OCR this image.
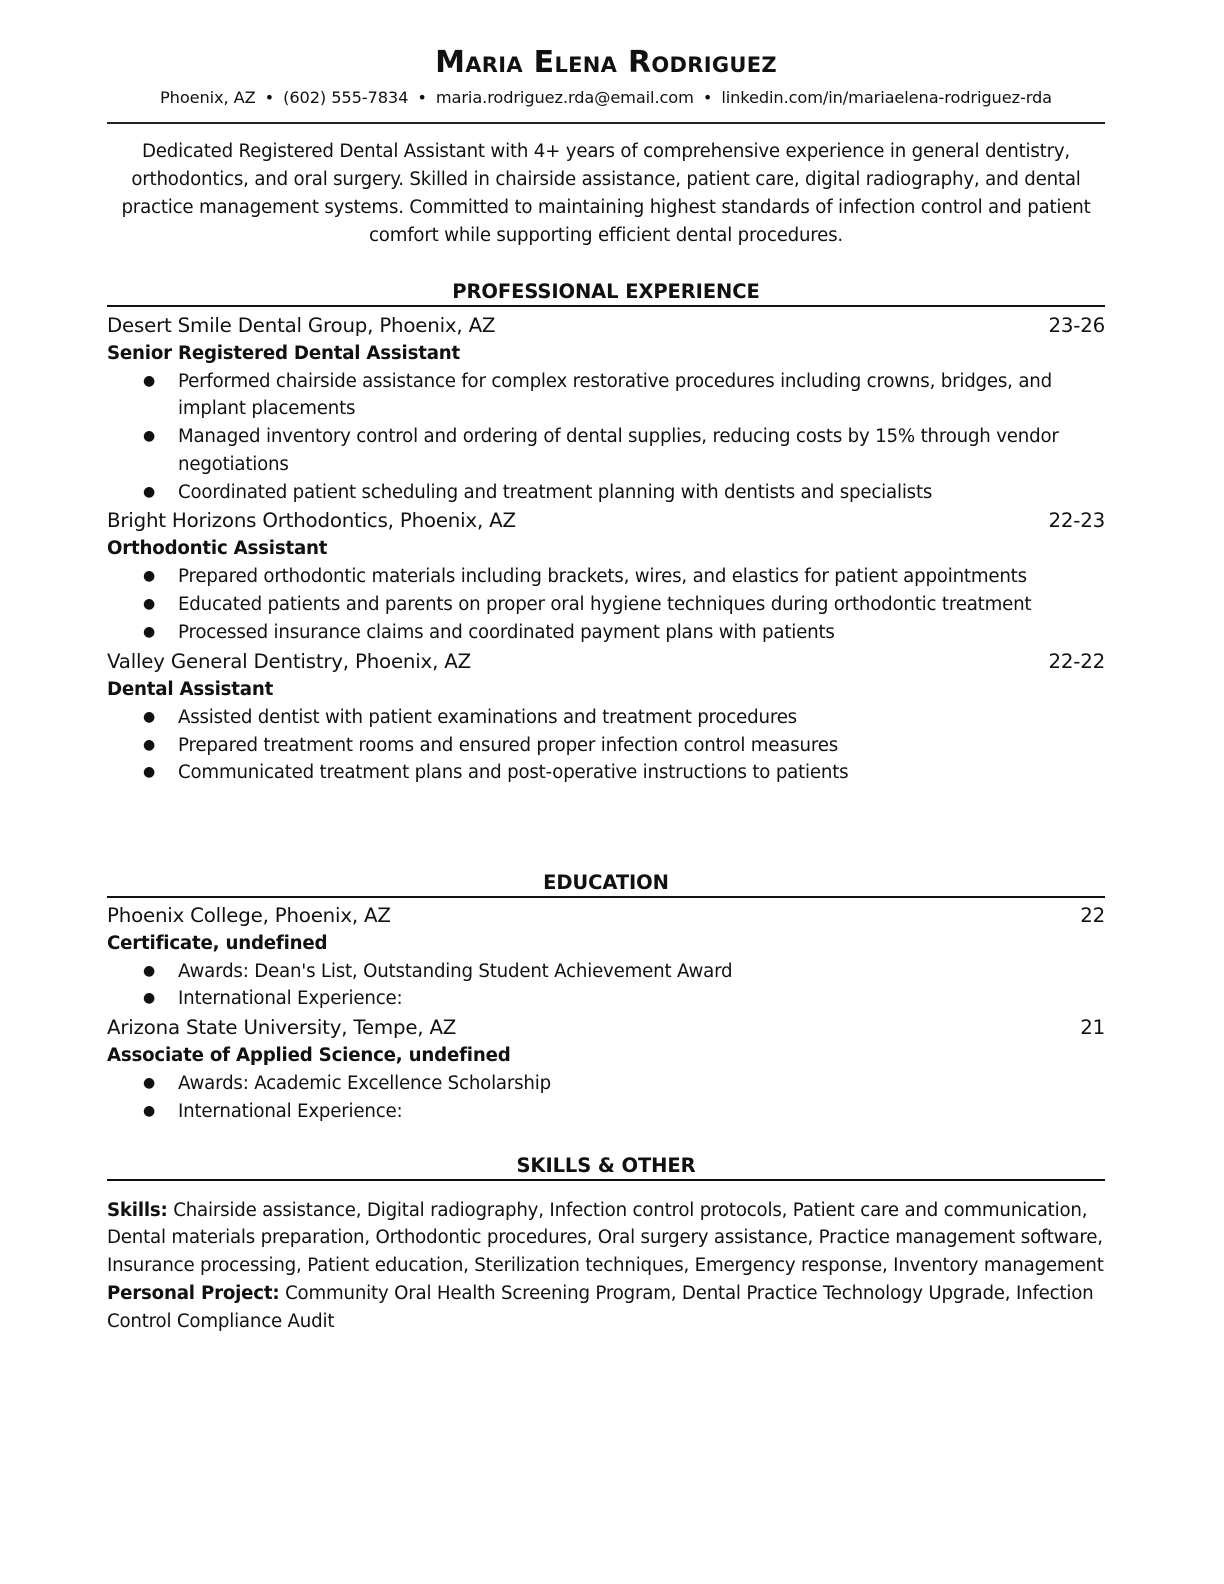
Maria Elena Rodriguez
Phoenix, AZ • (602) 555-7834 • maria.rodriguez.rda@email.com • linkedin.com/in/mariaelena-rodriguez-rda
Dedicated Registered Dental Assistant with 4+ years of comprehensive experience in general dentistry, orthodontics, and oral surgery. Skilled in chairside assistance, patient care, digital radiography, and dental practice management systems. Committed to maintaining highest standards of infection control and patient comfort while supporting efficient dental procedures.
PROFESSIONAL EXPERIENCE
Desert Smile Dental Group, Phoenix, AZ	23-26
Senior Registered Dental Assistant
● Performed chairside assistance for complex restorative procedures including crowns, bridges, and implant placements
● Managed inventory control and ordering of dental supplies, reducing costs by 15% through vendor negotiations
● Coordinated patient scheduling and treatment planning with dentists and specialists
Bright Horizons Orthodontics, Phoenix, AZ	22-23
Orthodontic Assistant
● Prepared orthodontic materials including brackets, wires, and elastics for patient appointments
● Educated patients and parents on proper oral hygiene techniques during orthodontic treatment
● Processed insurance claims and coordinated payment plans with patients
Valley General Dentistry, Phoenix, AZ	22-22
Dental Assistant
● Assisted dentist with patient examinations and treatment procedures
● Prepared treatment rooms and ensured proper infection control measures
● Communicated treatment plans and post-operative instructions to patients
EDUCATION
Phoenix College, Phoenix, AZ	22
Certificate, undefined
● Awards: Dean's List, Outstanding Student Achievement Award
● International Experience:
Arizona State University, Tempe, AZ	21
Associate of Applied Science, undefined
● Awards: Academic Excellence Scholarship
● International Experience:
SKILLS & OTHER

Skills: Chairside assistance, Digital radiography, Infection control protocols, Patient care and communication, Dental materials preparation, Orthodontic procedures, Oral surgery assistance, Practice management software, Insurance processing, Patient education, Sterilization techniques, Emergency response, Inventory management

Personal Project: Community Oral Health Screening Program, Dental Practice Technology Upgrade, Infection Control Compliance Audit
